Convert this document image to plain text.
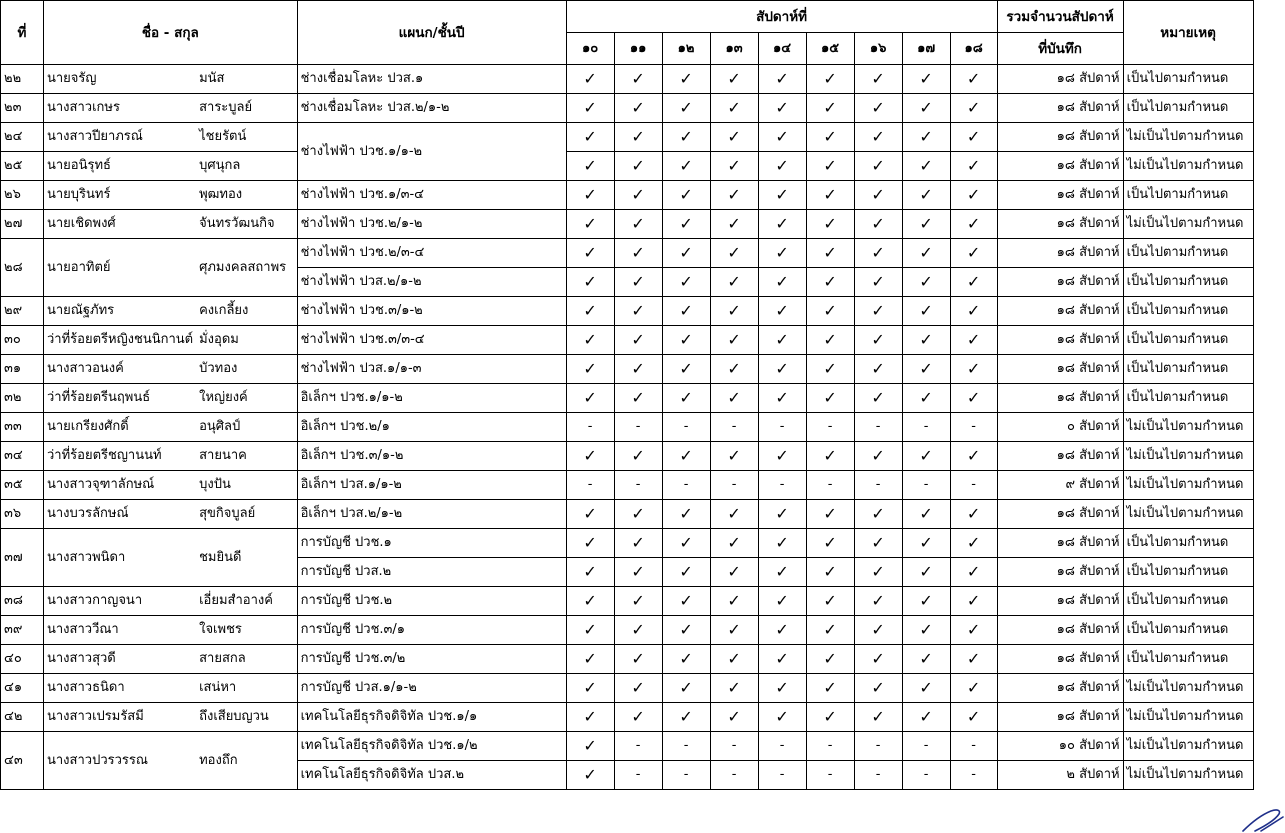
ที่	ชื่อ - สกุล		แผนก/ชั้นปี	สัปดาห์ที่									รวมจำนวนสัปดาห์	หมายเหตุ
				๑๐	๑๑	๑๒	๑๓	๑๔	๑๕	๑๖	๑๗	๑๘	ที่บันทึก	
๒๒	นายจรัญ	มนัส	ช่างเชื่อมโลหะ ปวส.๑	✓	✓	✓	✓	✓	✓	✓	✓	✓	๑๘ สัปดาห์	เป็นไปตามกำหนด
๒๓	นางสาวเกษร	สาระบูลย์	ช่างเชื่อมโลหะ ปวส.๒/๑-๒	✓	✓	✓	✓	✓	✓	✓	✓	✓	๑๘ สัปดาห์	เป็นไปตามกำหนด
๒๔	นางสาวปียาภรณ์	ไชยรัตน์	ช่างไฟฟ้า ปวช.๑/๑-๒	✓	✓	✓	✓	✓	✓	✓	✓	✓	๑๘ สัปดาห์	ไม่เป็นไปตามกำหนด
๒๕	นายอนิรุทธ์	บุศนุกล		✓	✓	✓	✓	✓	✓	✓	✓	✓	๑๘ สัปดาห์	ไม่เป็นไปตามกำหนด
๒๖	นายบุรินทร์	พุฒทอง	ช่างไฟฟ้า ปวช.๑/๓-๔	✓	✓	✓	✓	✓	✓	✓	✓	✓	๑๘ สัปดาห์	เป็นไปตามกำหนด
๒๗	นายเชิดพงศ์	จันทรวัฒนกิจ	ช่างไฟฟ้า ปวช.๒/๑-๒	✓	✓	✓	✓	✓	✓	✓	✓	✓	๑๘ สัปดาห์	ไม่เป็นไปตามกำหนด
๒๘	นายอาทิตย์	ศุภมงคลสถาพร	ช่างไฟฟ้า ปวช.๒/๓-๔	✓	✓	✓	✓	✓	✓	✓	✓	✓	๑๘ สัปดาห์	เป็นไปตามกำหนด
			ช่างไฟฟ้า ปวส.๒/๑-๒	✓	✓	✓	✓	✓	✓	✓	✓	✓	๑๘ สัปดาห์	เป็นไปตามกำหนด
๒๙	นายณัฐภัทร	คงเกลี้ยง	ช่างไฟฟ้า ปวช.๓/๑-๒	✓	✓	✓	✓	✓	✓	✓	✓	✓	๑๘ สัปดาห์	เป็นไปตามกำหนด
๓๐	ว่าที่ร้อยตรีหญิงชนนิกานต์	มั่งอุดม	ช่างไฟฟ้า ปวช.๓/๓-๔	✓	✓	✓	✓	✓	✓	✓	✓	✓	๑๘ สัปดาห์	เป็นไปตามกำหนด
๓๑	นางสาวอนงค์	บัวทอง	ช่างไฟฟ้า ปวส.๑/๑-๓	✓	✓	✓	✓	✓	✓	✓	✓	✓	๑๘ สัปดาห์	เป็นไปตามกำหนด
๓๒	ว่าที่ร้อยตรีนฤพนธ์	ใหญ่ยงค์	อิเล็กฯ ปวช.๑/๑-๒	✓	✓	✓	✓	✓	✓	✓	✓	✓	๑๘ สัปดาห์	เป็นไปตามกำหนด
๓๓	นายเกรียงศักดิ์	อนุศิลป์	อิเล็กฯ ปวช.๒/๑	-	-	-	-	-	-	-	-	-	๐ สัปดาห์	ไม่เป็นไปตามกำหนด
๓๔	ว่าที่ร้อยตรีชญานนท์	สายนาค	อิเล็กฯ ปวช.๓/๑-๒	✓	✓	✓	✓	✓	✓	✓	✓	✓	๑๘ สัปดาห์	ไม่เป็นไปตามกำหนด
๓๕	นางสาวจุฑาลักษณ์	บุงปัน	อิเล็กฯ ปวส.๑/๑-๒	-	-	-	-	-	-	-	-	-	๙ สัปดาห์	ไม่เป็นไปตามกำหนด
๓๖	นางบวรลักษณ์	สุขกิจบูลย์	อิเล็กฯ ปวส.๒/๑-๒	✓	✓	✓	✓	✓	✓	✓	✓	✓	๑๘ สัปดาห์	ไม่เป็นไปตามกำหนด
๓๗	นางสาวพนิดา	ชมยินดี	การบัญชี ปวช.๑	✓	✓	✓	✓	✓	✓	✓	✓	✓	๑๘ สัปดาห์	เป็นไปตามกำหนด
			การบัญชี ปวส.๒	✓	✓	✓	✓	✓	✓	✓	✓	✓	๑๘ สัปดาห์	เป็นไปตามกำหนด
๓๘	นางสาวกาญจนา	เอี่ยมสำอางค์	การบัญชี ปวช.๒	✓	✓	✓	✓	✓	✓	✓	✓	✓	๑๘ สัปดาห์	เป็นไปตามกำหนด
๓๙	นางสาววีณา	ใจเพชร	การบัญชี ปวช.๓/๑	✓	✓	✓	✓	✓	✓	✓	✓	✓	๑๘ สัปดาห์	เป็นไปตามกำหนด
๔๐	นางสาวสุวดี	สายสกล	การบัญชี ปวช.๓/๒	✓	✓	✓	✓	✓	✓	✓	✓	✓	๑๘ สัปดาห์	เป็นไปตามกำหนด
๔๑	นางสาวธนิดา	เสน่หา	การบัญชี ปวส.๑/๑-๒	✓	✓	✓	✓	✓	✓	✓	✓	✓	๑๘ สัปดาห์	ไม่เป็นไปตามกำหนด
๔๒	นางสาวเปรมรัสมี	ถึงเสียบญวน	เทคโนโลยีธุรกิจดิจิทัล ปวช.๑/๑	✓	✓	✓	✓	✓	✓	✓	✓	✓	๑๘ สัปดาห์	ไม่เป็นไปตามกำหนด
๔๓	นางสาวปวรวรรณ	ทองถึก	เทคโนโลยีธุรกิจดิจิทัล ปวช.๑/๒	✓	-	-	-	-	-	-	-	-	๑๐ สัปดาห์	ไม่เป็นไปตามกำหนด
			เทคโนโลยีธุรกิจดิจิทัล ปวส.๒	✓	-	-	-	-	-	-	-	-	๒ สัปดาห์	ไม่เป็นไปตามกำหนด
